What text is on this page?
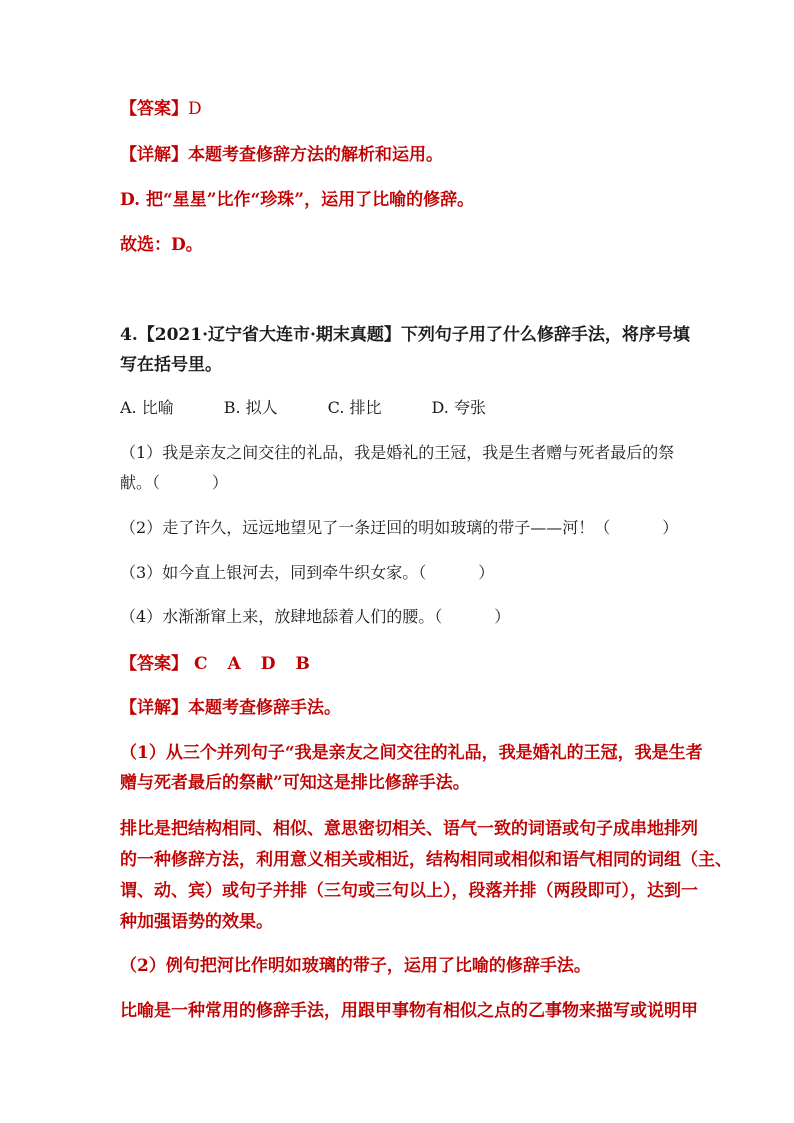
【答案】D
【详解】本题考查修辞方法的解析和运用。
D. 把“星星”比作“珍珠”，运用了比喻的修辞。
故选：D。
4.【2021·辽宁省大连市·期末真题】下列句子用了什么修辞手法，将序号填
写在括号里。
A. 比喻	B. 拟人	C. 排比	D. 夸张
（1）我是亲友之间交往的礼品，我是婚礼的王冠，我是生者赠与死者最后的祭
献。（	）
（2）走了许久，远远地望见了一条迂回的明如玻璃的带子——河！（	）
（3）如今直上银河去，同到牵牛织女家。（	）
（4）水渐渐窜上来，放肆地舔着人们的腰。（	）
【答案】 C A D B
【详解】本题考查修辞手法。
（1）从三个并列句子“我是亲友之间交往的礼品，我是婚礼的王冠，我是生者
赠与死者最后的祭献”可知这是排比修辞手法。
排比是把结构相同、相似、意思密切相关、语气一致的词语或句子成串地排列
的一种修辞方法，利用意义相关或相近，结构相同或相似和语气相同的词组（主、
谓、动、宾）或句子并排（三句或三句以上），段落并排（两段即可），达到一
种加强语势的效果。
（2）例句把河比作明如玻璃的带子，运用了比喻的修辞手法。
比喻是一种常用的修辞手法，用跟甲事物有相似之点的乙事物来描写或说明甲
